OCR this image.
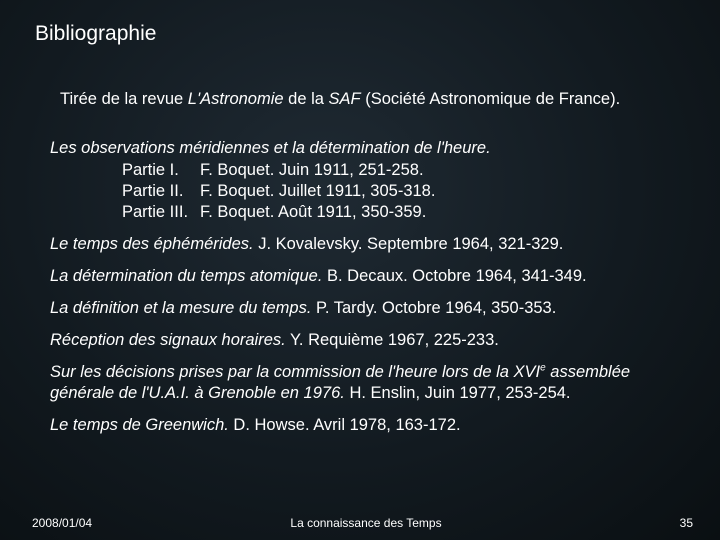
Bibliographie
Tirée de la revue L'Astronomie de la SAF (Société Astronomique de France).
Les observations méridiennes et la détermination de l'heure.
Partie I. F. Boquet. Juin 1911, 251-258.
Partie II. F. Boquet. Juillet 1911, 305-318.
Partie III. F. Boquet. Août 1911, 350-359.
Le temps des éphémérides. J. Kovalevsky. Septembre 1964, 321-329.
La détermination du temps atomique. B. Decaux. Octobre 1964, 341-349.
La définition et la mesure du temps. P. Tardy. Octobre 1964, 350-353.
Réception des signaux horaires. Y. Requième 1967, 225-233.
Sur les décisions prises par la commission de l'heure lors de la XVIe assemblée générale de l'U.A.I. à Grenoble en 1976. H. Enslin, Juin 1977, 253-254.
Le temps de Greenwich. D. Howse. Avril 1978, 163-172.
2008/01/04	La connaissance des Temps	35
